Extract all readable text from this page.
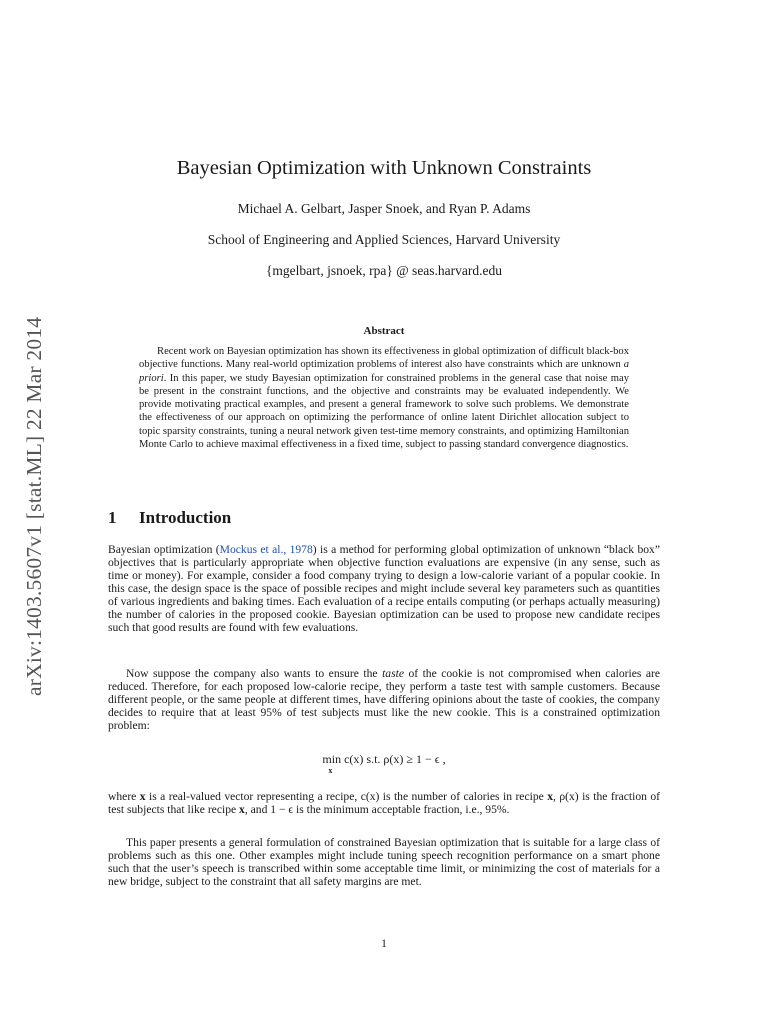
arXiv:1403.5607v1 [stat.ML] 22 Mar 2014
Bayesian Optimization with Unknown Constraints
Michael A. Gelbart, Jasper Snoek, and Ryan P. Adams
School of Engineering and Applied Sciences, Harvard University
{mgelbart, jsnoek, rpa} @ seas.harvard.edu
Abstract

Recent work on Bayesian optimization has shown its effectiveness in global optimization of difficult black-box objective functions. Many real-world optimization problems of interest also have constraints which are unknown a priori. In this paper, we study Bayesian optimization for constrained problems in the general case that noise may be present in the constraint functions, and the objective and constraints may be evaluated independently. We provide motivating practical examples, and present a general framework to solve such problems. We demonstrate the effectiveness of our approach on optimizing the performance of online latent Dirichlet allocation subject to topic sparsity constraints, tuning a neural network given test-time memory constraints, and optimizing Hamiltonian Monte Carlo to achieve maximal effectiveness in a fixed time, subject to passing standard convergence diagnostics.

1 Introduction

Bayesian optimization (Mockus et al., 1978) is a method for performing global optimization of unknown “black box” objectives that is particularly appropriate when objective function evaluations are expensive (in any sense, such as time or money). For example, consider a food company trying to design a low-calorie variant of a popular cookie. In this case, the design space is the space of possible recipes and might include several key parameters such as quantities of various ingredients and baking times. Each evaluation of a recipe entails computing (or perhaps actually measuring) the number of calories in the proposed cookie. Bayesian optimization can be used to propose new candidate recipes such that good results are found with few evaluations.

Now suppose the company also wants to ensure the taste of the cookie is not compromised when calories are reduced. Therefore, for each proposed low-calorie recipe, they perform a taste test with sample customers. Because different people, or the same people at different times, have differing opinions about the taste of cookies, the company decides to require that at least 95% of test subjects must like the new cookie. This is a constrained optimization problem:

min
x
c(x) s.t. ρ(x) ≥ 1 − ϵ ,

where x is a real-valued vector representing a recipe, c(x) is the number of calories in recipe x, ρ(x) is the fraction of test subjects that like recipe x, and 1 − ϵ is the minimum acceptable fraction, i.e., 95%.

This paper presents a general formulation of constrained Bayesian optimization that is suitable for a large class of problems such as this one. Other examples might include tuning speech recognition performance on a smart phone such that the user’s speech is transcribed within some acceptable time limit, or minimizing the cost of materials for a new bridge, subject to the constraint that all safety margins are met.

1
